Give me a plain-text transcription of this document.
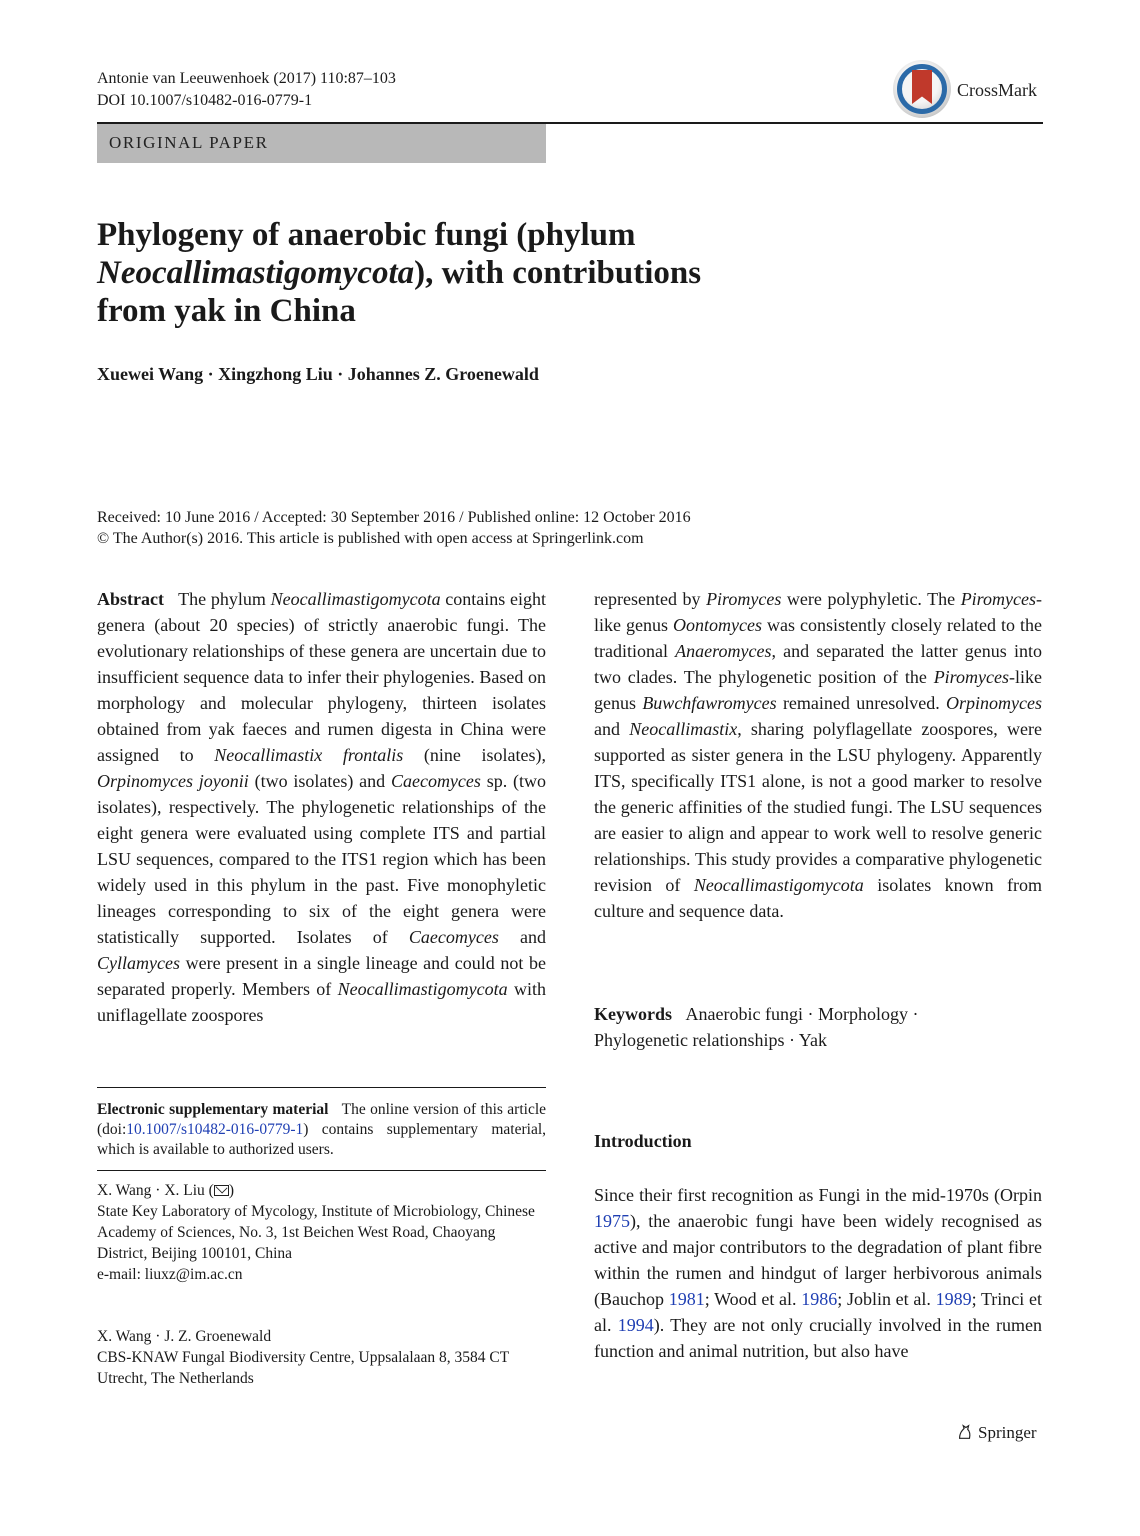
Antonie van Leeuwenhoek (2017) 110:87–103
DOI 10.1007/s10482-016-0779-1
CrossMark
ORIGINAL PAPER
Phylogeny of anaerobic fungi (phylum
Neocallimastigomycota), with contributions
from yak in China
Xuewei Wang · Xingzhong Liu · Johannes Z. Groenewald
Received: 10 June 2016 / Accepted: 30 September 2016 / Published online: 12 October 2016
© The Author(s) 2016. This article is published with open access at Springerlink.com

Abstract The phylum Neocallimastigomycota contains eight genera (about 20 species) of strictly anaerobic fungi. The evolutionary relationships of these genera are uncertain due to insufficient sequence data to infer their phylogenies. Based on morphology and molecular phylogeny, thirteen isolates obtained from yak faeces and rumen digesta in China were assigned to Neocallimastix frontalis (nine isolates), Orpinomyces joyonii (two isolates) and Caecomyces sp. (two isolates), respectively. The phylogenetic relationships of the eight genera were evaluated using complete ITS and partial LSU sequences, compared to the ITS1 region which has been widely used in this phylum in the past. Five monophyletic lineages corresponding to six of the eight genera were statistically supported. Isolates of Caecomyces and Cyllamyces were present in a single lineage and could not be separated properly. Members of Neocallimastigomycota with uniflagellate zoospores

represented by Piromyces were polyphyletic. The Piromyces-like genus Oontomyces was consistently closely related to the traditional Anaeromyces, and separated the latter genus into two clades. The phylogenetic position of the Piromyces-like genus Buwchfawromyces remained unresolved. Orpinomyces and Neocallimastix, sharing polyflagellate zoospores, were supported as sister genera in the LSU phylogeny. Apparently ITS, specifically ITS1 alone, is not a good marker to resolve the generic affinities of the studied fungi. The LSU sequences are easier to align and appear to work well to resolve generic relationships. This study provides a comparative phylogenetic revision of Neocallimastigomycota isolates known from culture and sequence data.

Keywords Anaerobic fungi · Morphology ·
Phylogenetic relationships · Yak
Electronic supplementary material The online version of this article (doi:10.1007/s10482-016-0779-1) contains supplementary material, which is available to authorized users.
X. Wang · X. Liu ( )
State Key Laboratory of Mycology, Institute of Microbiology, Chinese Academy of Sciences, No. 3, 1st Beichen West Road, Chaoyang District, Beijing 100101, China
e-mail: liuxz@im.ac.cn
X. Wang · J. Z. Groenewald
CBS-KNAW Fungal Biodiversity Centre, Uppsalalaan 8, 3584 CT Utrecht, The Netherlands
Introduction

Since their first recognition as Fungi in the mid-1970s (Orpin 1975), the anaerobic fungi have been widely recognised as active and major contributors to the degradation of plant fibre within the rumen and hindgut of larger herbivorous animals (Bauchop 1981; Wood et al. 1986; Joblin et al. 1989; Trinci et al. 1994). They are not only crucially involved in the rumen function and animal nutrition, but also have

Springer
